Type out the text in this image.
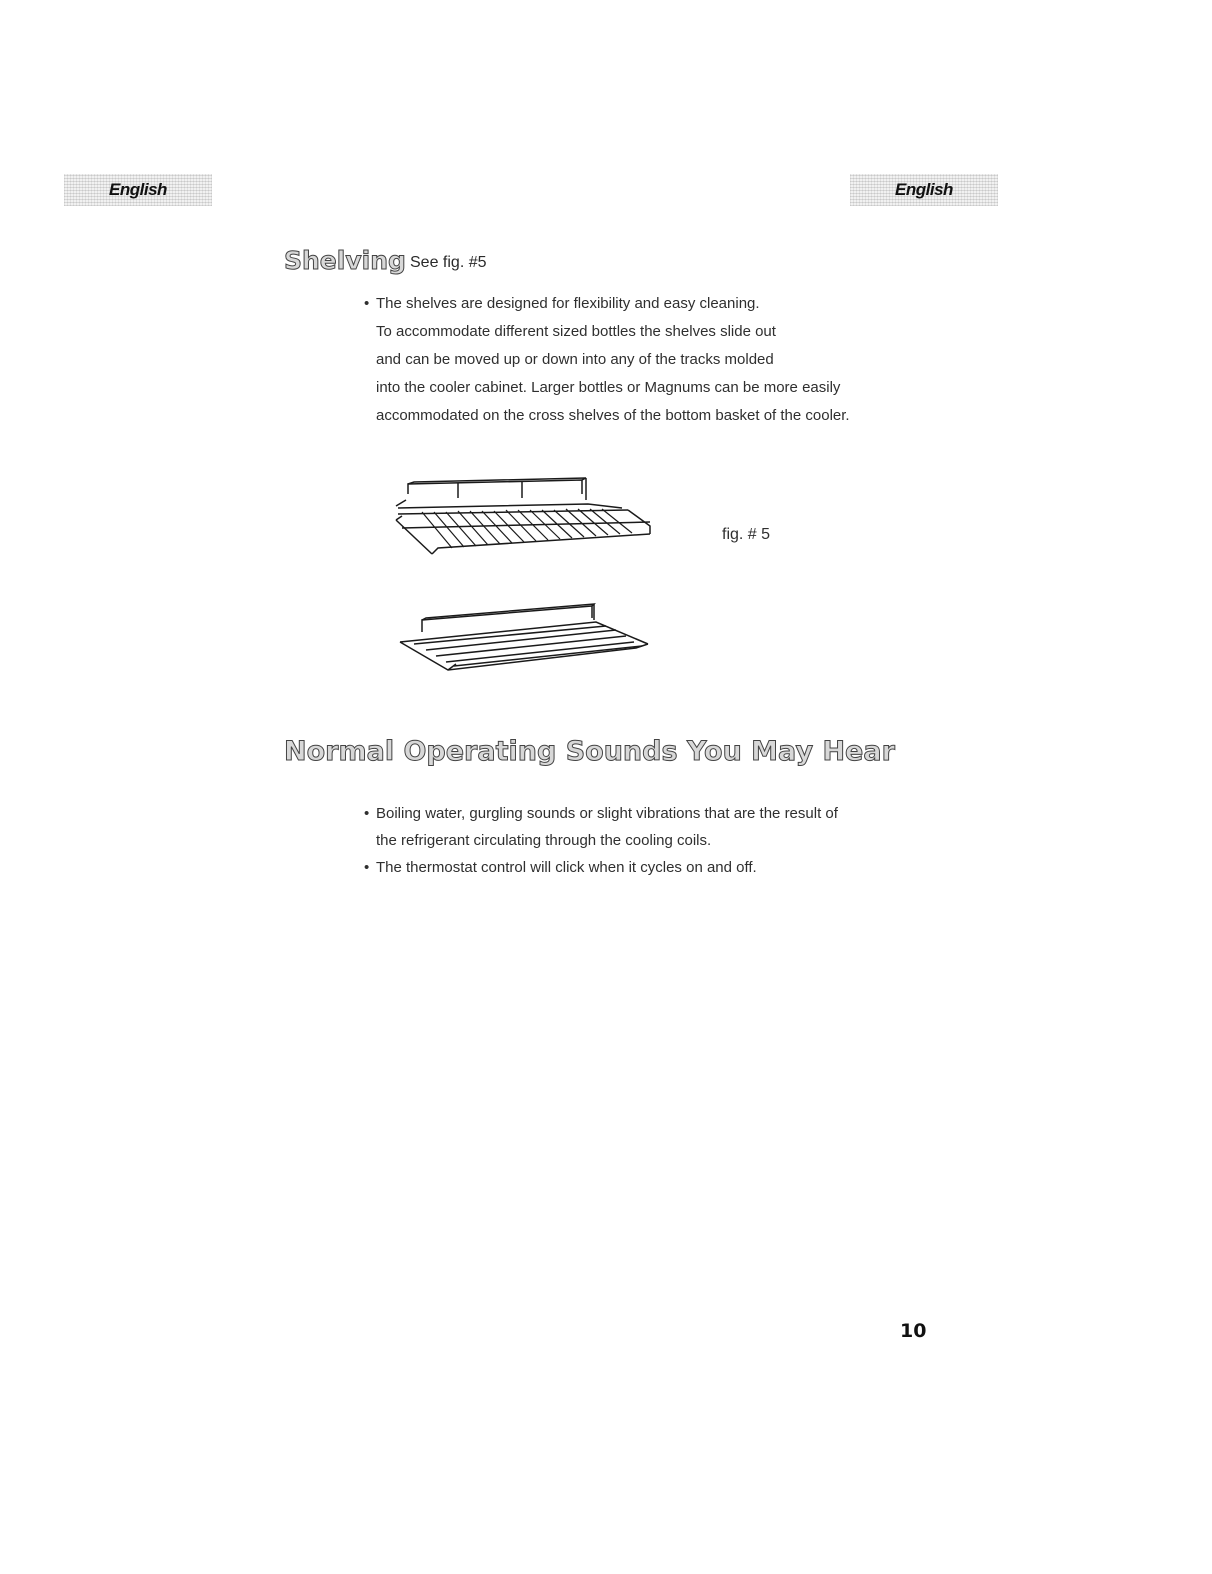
English	English
Shelving See fig. #5
• The shelves are designed for flexibility and easy cleaning.
To accommodate different sized bottles the shelves slide out
and can be moved up or down into any of the tracks molded
into the cooler cabinet. Larger bottles or Magnums can be more easily
accommodated on the cross shelves of the bottom basket of the cooler.
fig. # 5
Normal Operating Sounds You May Hear
• Boiling water, gurgling sounds or slight vibrations that are the result of
the refrigerant circulating through the cooling coils.
• The thermostat control will click when it cycles on and off.
10
